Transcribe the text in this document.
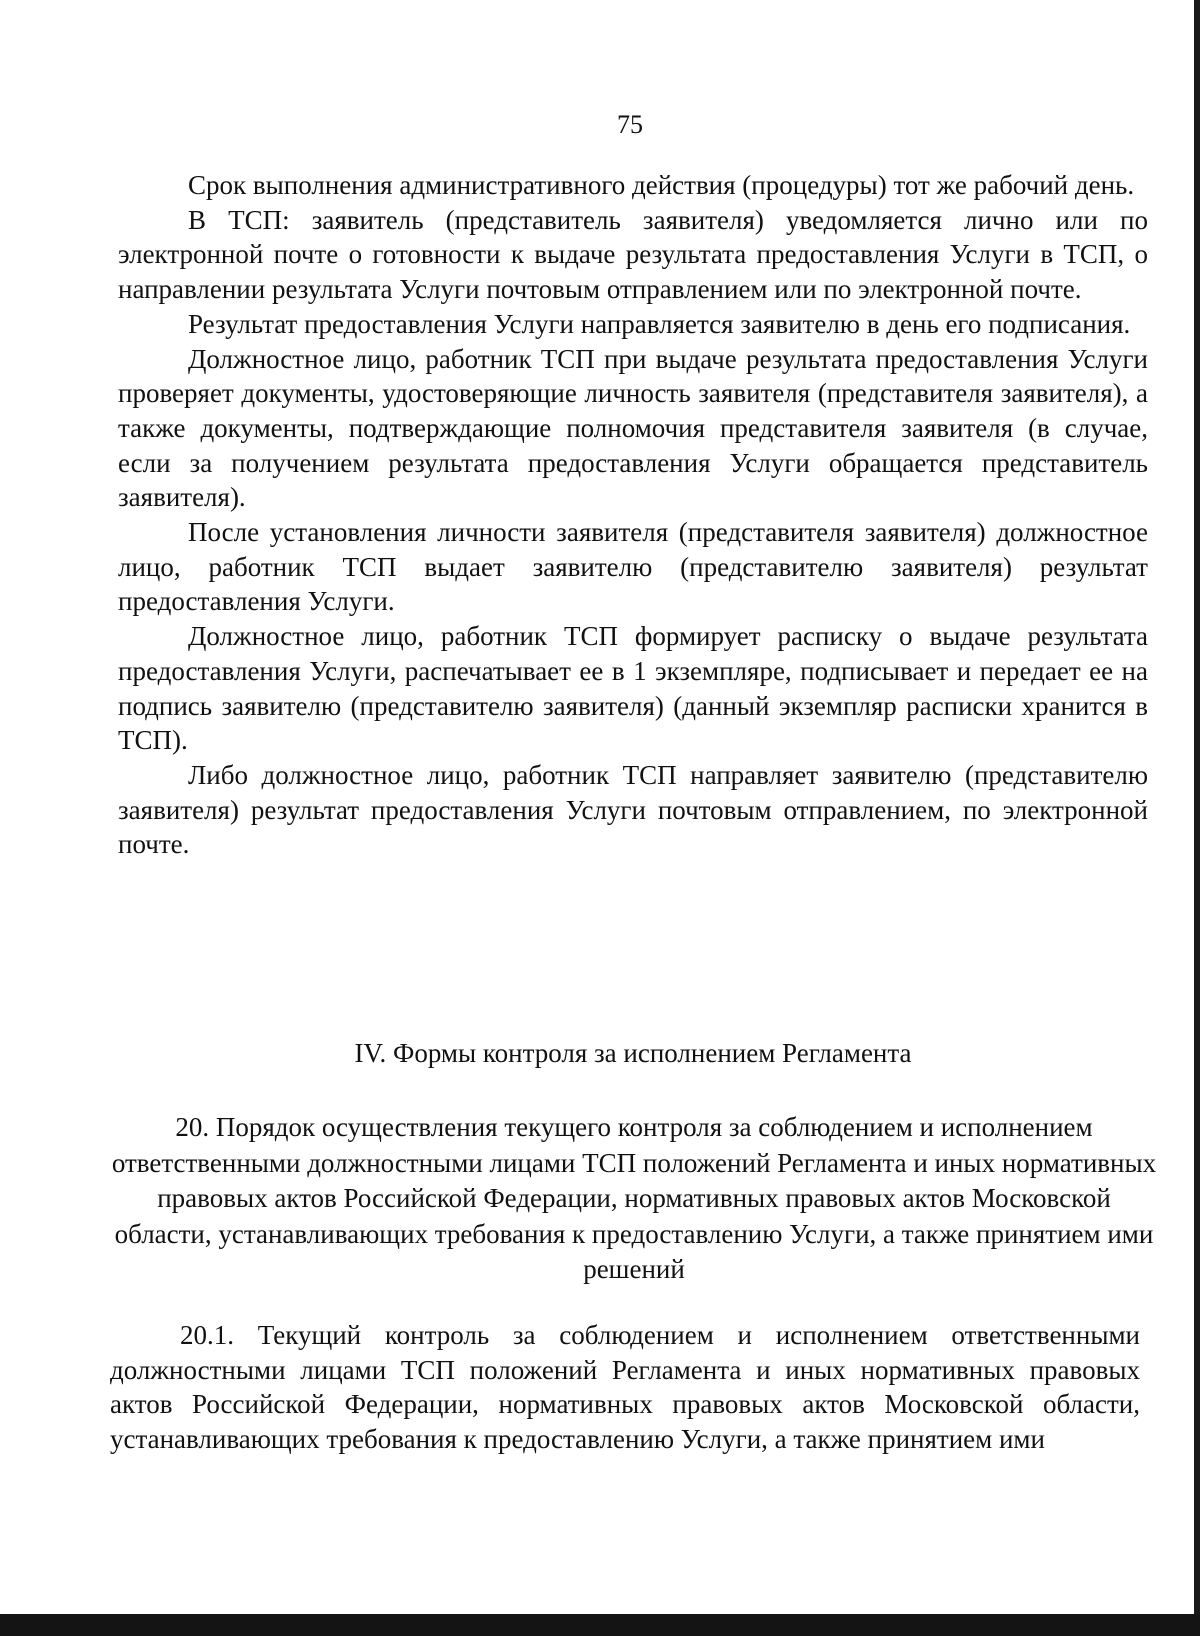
75

Срок выполнения административного действия (процедуры) тот же рабочий день.

В ТСП: заявитель (представитель заявителя) уведомляется лично или по электронной почте о готовности к выдаче результата предоставления Услуги в ТСП, о направлении результата Услуги почтовым отправлением или по электронной почте.

Результат предоставления Услуги направляется заявителю в день его подписания.

Должностное лицо, работник ТСП при выдаче результата предоставления Услуги проверяет документы, удостоверяющие личность заявителя (представителя заявителя), а также документы, подтверждающие полномочия представителя заявителя (в случае, если за получением результата предоставления Услуги обращается представитель заявителя).

После установления личности заявителя (представителя заявителя) должностное лицо, работник ТСП выдает заявителю (представителю заявителя) результат предоставления Услуги.

Должностное лицо, работник ТСП формирует расписку о выдаче результата предоставления Услуги, распечатывает ее в 1 экземпляре, подписывает и передает ее на подпись заявителю (представителю заявителя) (данный экземпляр расписки хранится в ТСП).

Либо должностное лицо, работник ТСП направляет заявителю (представителю заявителя) результат предоставления Услуги почтовым отправлением, по электронной почте.

IV. Формы контроля за исполнением Регламента
20. Порядок осуществления текущего контроля за соблюдением и исполнением ответственными должностными лицами ТСП положений Регламента и иных нормативных правовых актов Российской Федерации, нормативных правовых актов Московской области, устанавливающих требования к предоставлению Услуги, а также принятием ими решений

20.1. Текущий контроль за соблюдением и исполнением ответственными должностными лицами ТСП положений Регламента и иных нормативных правовых актов Российской Федерации, нормативных правовых актов Московской области, устанавливающих требования к предоставлению Услуги, а также принятием ими
